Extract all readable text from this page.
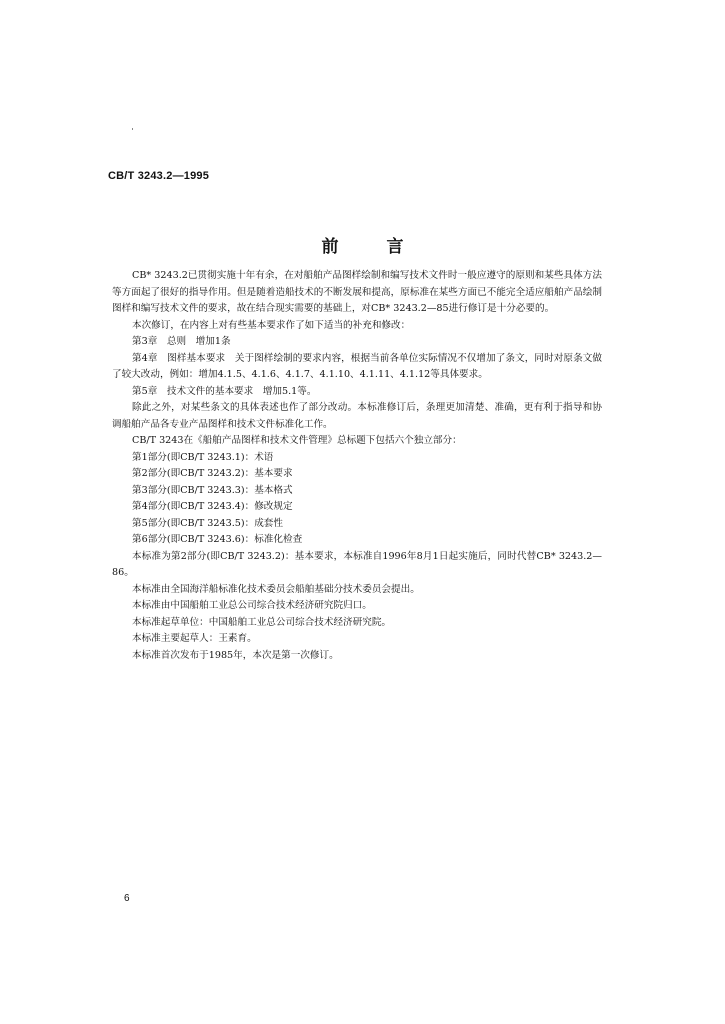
CB/T 3243.2—1995
前言

CB* 3243.2已贯彻实施十年有余，在对船舶产品图样绘制和编写技术文件时一般应遵守的原则和某些具体方法等方面起了很好的指导作用。但是随着造船技术的不断发展和提高，原标准在某些方面已不能完全适应船舶产品绘制图样和编写技术文件的要求，故在结合现实需要的基础上，对CB* 3243.2—85进行修订是十分必要的。

本次修订，在内容上对有些基本要求作了如下适当的补充和修改：

第3章　总则　增加1条

第4章　图样基本要求　关于图样绘制的要求内容，根据当前各单位实际情况不仅增加了条文，同时对原条文做了较大改动，例如：增加4.1.5、4.1.6、4.1.7、4.1.10、4.1.11、4.1.12等具体要求。

第5章　技术文件的基本要求　增加5.1等。

除此之外，对某些条文的具体表述也作了部分改动。本标准修订后，条理更加清楚、准确，更有利于指导和协调船舶产品各专业产品图样和技术文件标准化工作。

CB/T 3243在《船舶产品图样和技术文件管理》总标题下包括六个独立部分：

第1部分(即CB/T 3243.1)：术语

第2部分(即CB/T 3243.2)：基本要求

第3部分(即CB/T 3243.3)：基本格式

第4部分(即CB/T 3243.4)：修改规定

第5部分(即CB/T 3243.5)：成套性

第6部分(即CB/T 3243.6)：标准化检查

本标准为第2部分(即CB/T 3243.2)：基本要求，本标准自1996年8月1日起实施后，同时代替CB* 3243.2—86。

本标准由全国海洋船标准化技术委员会船舶基础分技术委员会提出。

本标准由中国船舶工业总公司综合技术经济研究院归口。

本标准起草单位：中国船舶工业总公司综合技术经济研究院。

本标准主要起草人：王素育。

本标准首次发布于1985年，本次是第一次修订。

6
